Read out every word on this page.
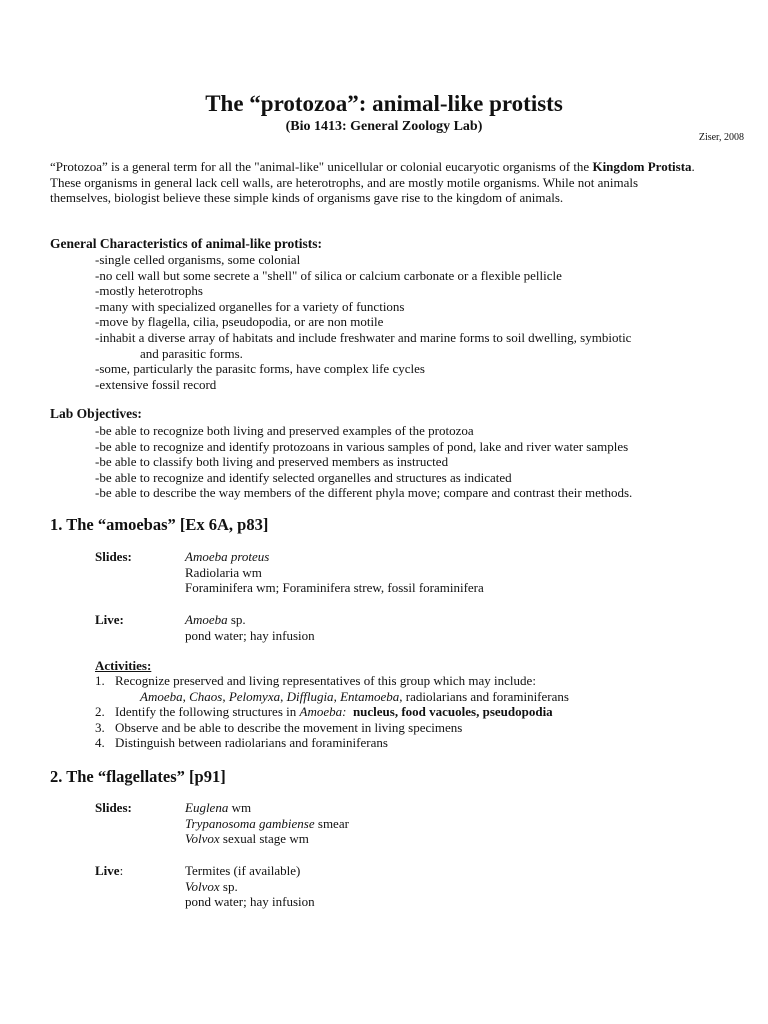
The “protozoa”: animal-like protists
(Bio 1413: General Zoology Lab)
Ziser, 2008
“Protozoa” is a general term for all the "animal-like" unicellular or colonial eucaryotic organisms of the Kingdom Protista. These organisms in general lack cell walls, are heterotrophs, and are mostly motile organisms. While not animals themselves, biologist believe these simple kinds of organisms gave rise to the kingdom of animals.
General Characteristics of animal-like protists:
-single celled organisms, some colonial
-no cell wall but some secrete a "shell" of silica or calcium carbonate or a flexible pellicle
-mostly heterotrophs
-many with specialized organelles for a variety of functions
-move by flagella, cilia, pseudopodia, or are non motile
-inhabit a diverse array of habitats and include freshwater and marine forms to soil dwelling, symbiotic
and parasitic forms.
-some, particularly the parasitc forms, have complex life cycles
-extensive fossil record
Lab Objectives:
-be able to recognize both living and preserved examples of the protozoa
-be able to recognize and identify protozoans in various samples of pond, lake and river water samples
-be able to classify both living and preserved members as instructed
-be able to recognize and identify selected organelles and structures as indicated
-be able to describe the way members of the different phyla move; compare and contrast their methods.
1. The “amoebas” [Ex 6A, p83]
Slides:	Amoeba proteus
Radiolaria wm
Foraminifera wm; Foraminifera strew, fossil foraminifera
Live:	Amoeba sp.
pond water; hay infusion
Activities:
1. Recognize preserved and living representatives of this group which may include:
Amoeba, Chaos, Pelomyxa, Difflugia, Entamoeba, radiolarians and foraminiferans
2. Identify the following structures in Amoeba: nucleus, food vacuoles, pseudopodia
3. Observe and be able to describe the movement in living specimens
4. Distinguish between radiolarians and foraminiferans
2. The “flagellates” [p91]
Slides:	Euglena wm
Trypanosoma gambiense smear
Volvox sexual stage wm
Live:	Termites (if available)
Volvox sp.
pond water; hay infusion
